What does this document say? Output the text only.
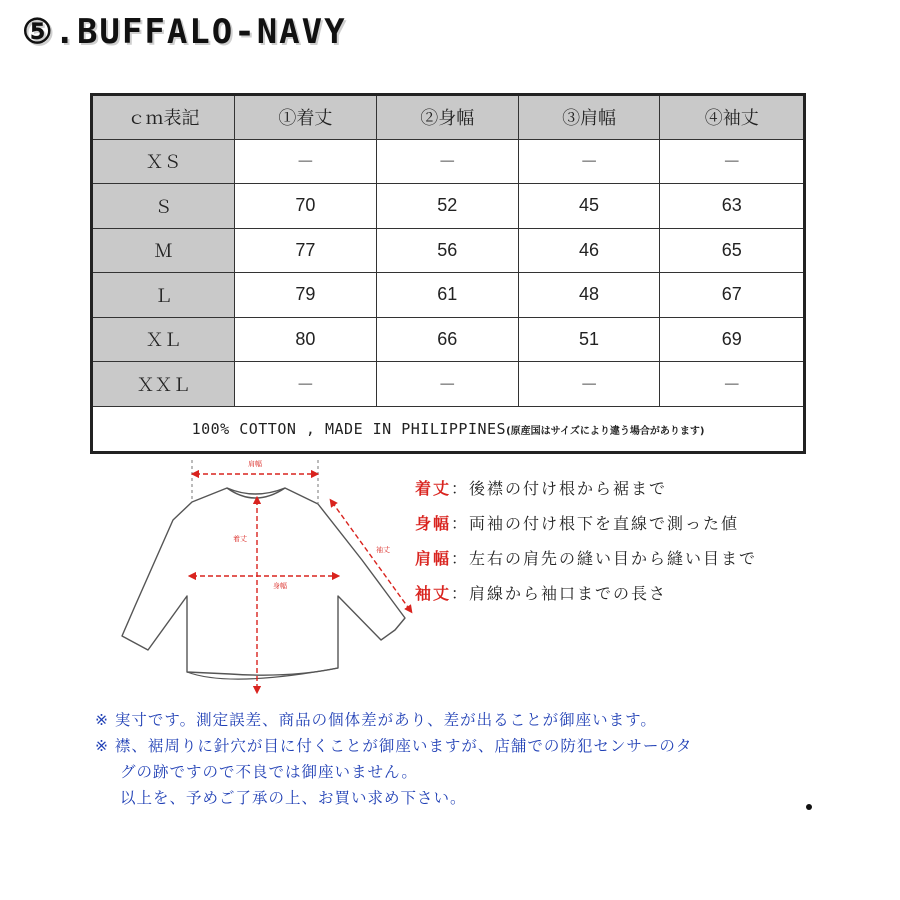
⑤.BUFFALO-NAVY
ｃｍ表記	①着丈	②身幅	③肩幅	④袖丈
ＸＳ	－	－	－	－
Ｓ	70	52	45	63
Ｍ	77	56	46	65
Ｌ	79	61	48	67
ＸＬ	80	66	51	69
ＸＸＬ	－	－	－	－
100% COTTON , MADE IN PHILIPPINES(原産国はサイズにより違う場合があります)				
肩幅
着丈
身幅
袖丈
着丈：後襟の付け根から裾まで
身幅：両袖の付け根下を直線で測った値
肩幅：左右の肩先の縫い目から縫い目まで
袖丈：肩線から袖口までの長さ
※ 実寸です。測定誤差、商品の個体差があり、差が出ることが御座います。
※ 襟、裾周りに針穴が目に付くことが御座いますが、店舗での防犯センサーのタ
グの跡ですので不良では御座いません。
以上を、予めご了承の上、お買い求め下さい。
